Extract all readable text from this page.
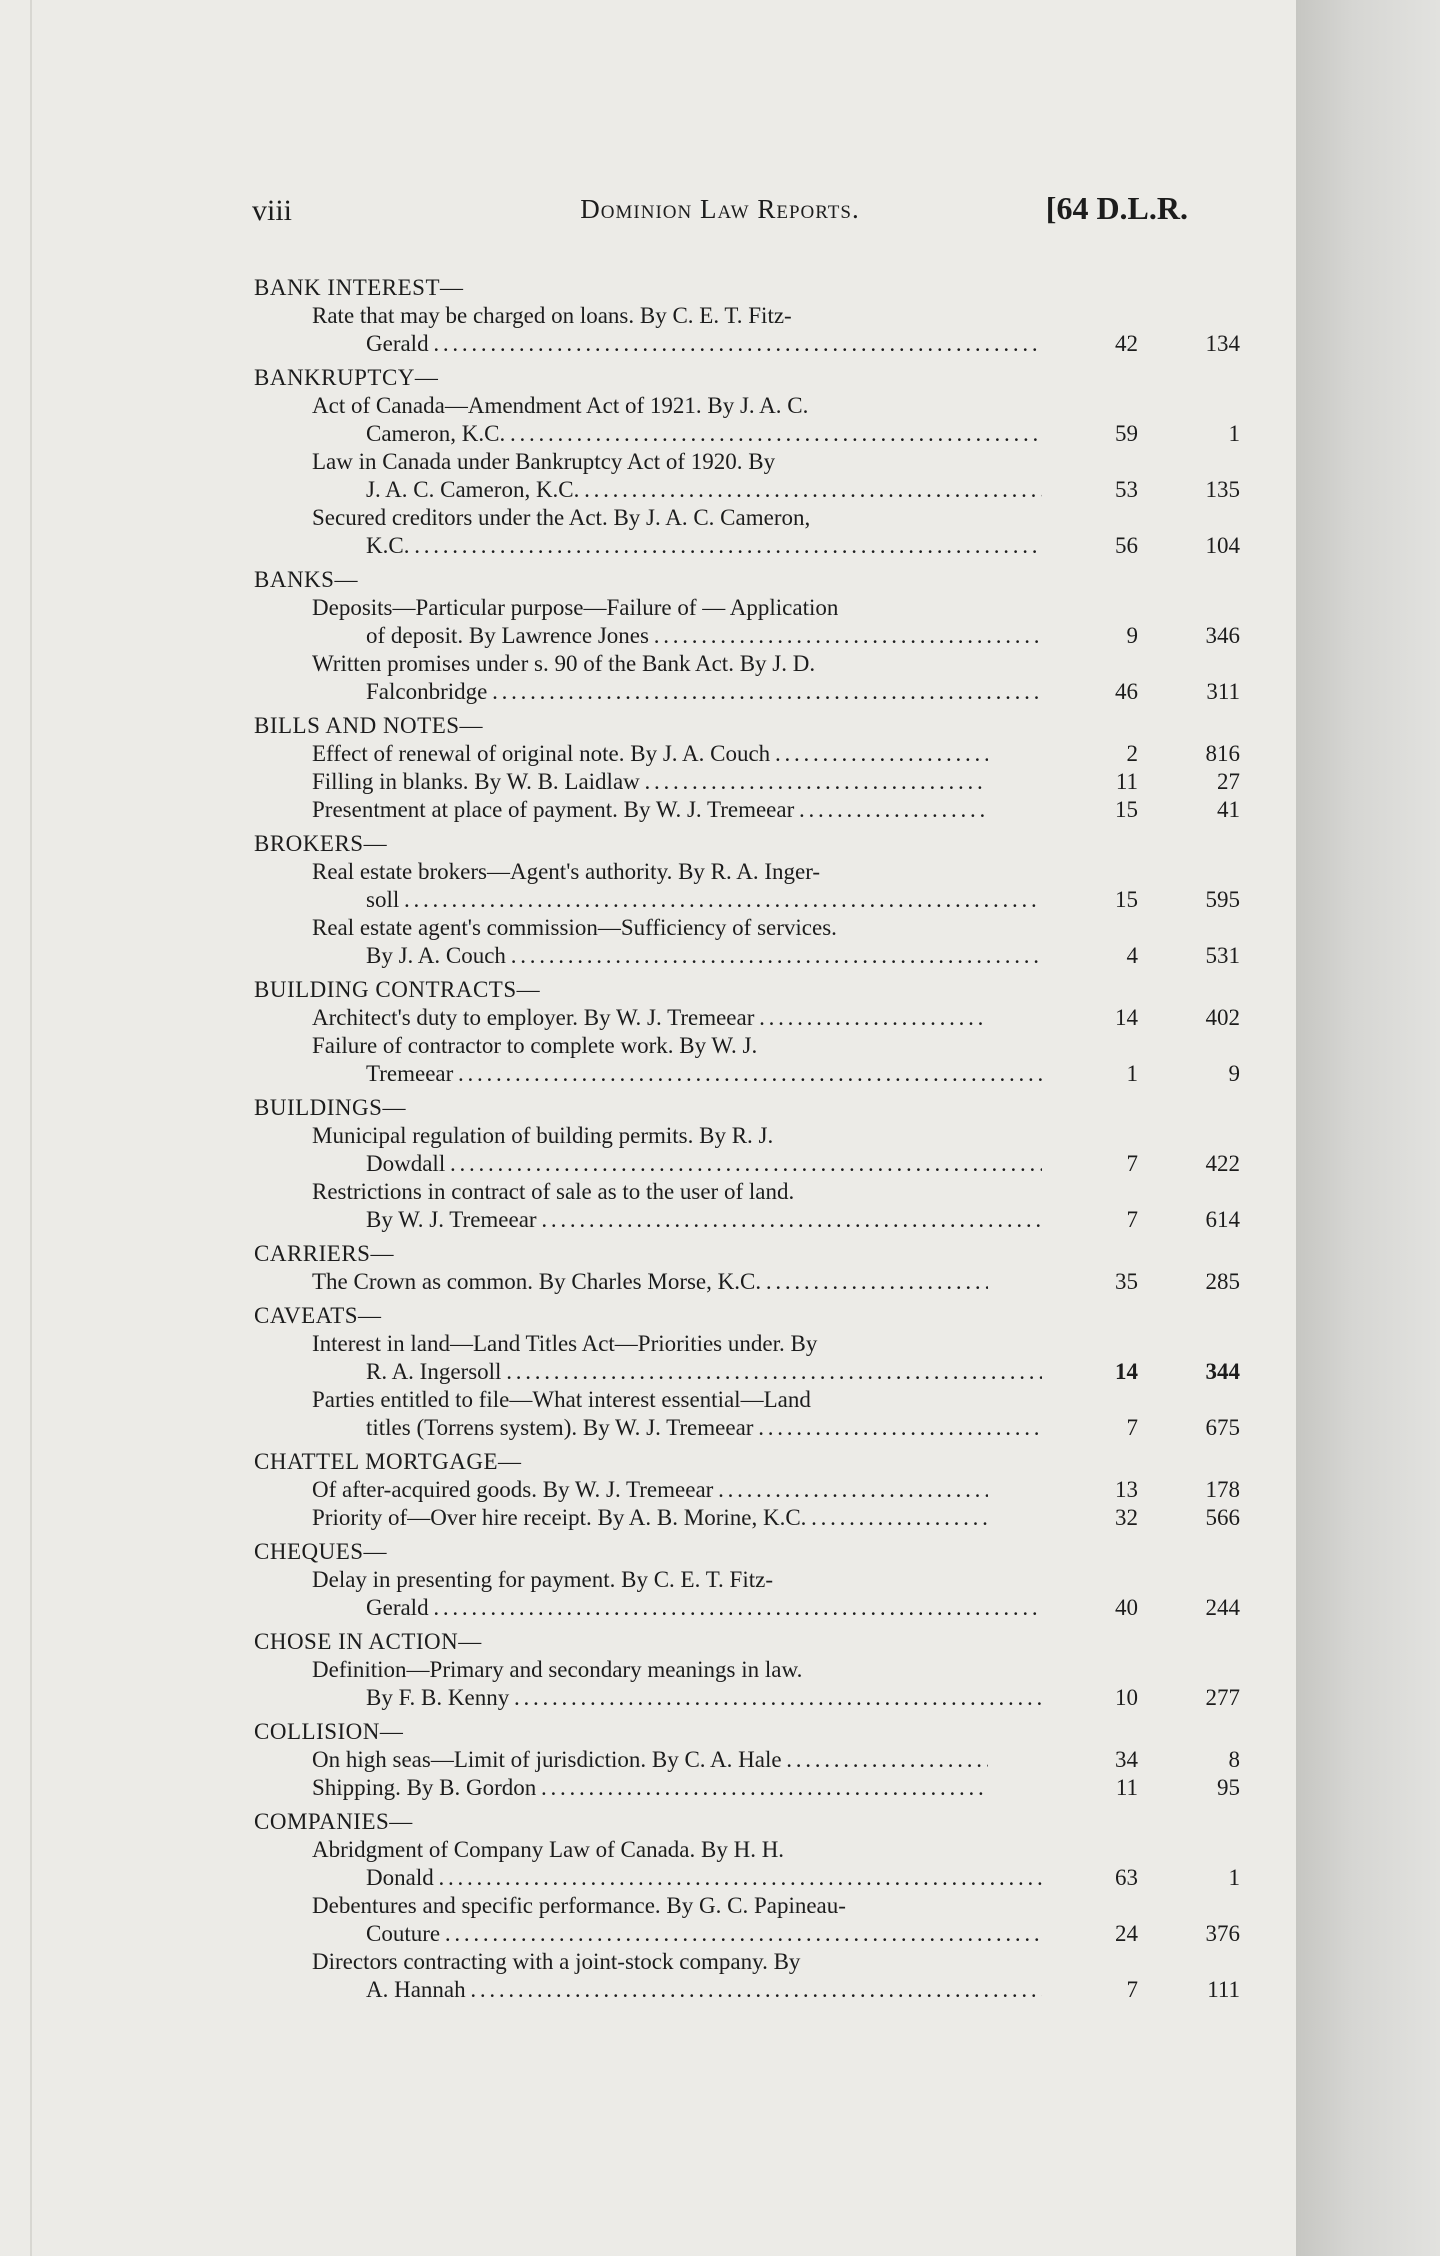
viii	Dominion Law Reports.	[64 D.L.R.
BANK INTEREST—
Rate that may be charged on loans. By C. E. T. Fitz-
Gerald . . .	42	134
BANKRUPTCY—
Act of Canada—Amendment Act of 1921. By J. A. C.
Cameron, K.C. . . .	59	1
Law in Canada under Bankruptcy Act of 1920. By
J. A. C. Cameron, K.C. . . .	53	135
Secured creditors under the Act. By J. A. C. Cameron,
K.C. . . .	56	104
BANKS—
Deposits—Particular purpose—Failure of — Application
of deposit. By Lawrence Jones . . .	9	346
Written promises under s. 90 of the Bank Act. By J. D.
Falconbridge . . .	46	311
BILLS AND NOTES—
Effect of renewal of original note. By J. A. Couch . . .	2	816
Filling in blanks. By W. B. Laidlaw . . .	11	27
Presentment at place of payment. By W. J. Tremeear . . .	15	41
BROKERS—
Real estate brokers—Agent's authority. By R. A. Inger-
soll . . .	15	595
Real estate agent's commission—Sufficiency of services.
By J. A. Couch . . .	4	531
BUILDING CONTRACTS—
Architect's duty to employer. By W. J. Tremeear . . .	14	402
Failure of contractor to complete work. By W. J.
Tremeear . . .	1	9
BUILDINGS—
Municipal regulation of building permits. By R. J.
Dowdall . . .	7	422
Restrictions in contract of sale as to the user of land.
By W. J. Tremeear . . .	7	614
CARRIERS—
The Crown as common. By Charles Morse, K.C. . . .	35	285
CAVEATS—
Interest in land—Land Titles Act—Priorities under. By
R. A. Ingersoll . . .	14	344
Parties entitled to file—What interest essential—Land
titles (Torrens system). By W. J. Tremeear . . .	7	675
CHATTEL MORTGAGE—
Of after-acquired goods. By W. J. Tremeear . . .	13	178
Priority of—Over hire receipt. By A. B. Morine, K.C. . . .	32	566
CHEQUES—
Delay in presenting for payment. By C. E. T. Fitz-
Gerald . . .	40	244
CHOSE IN ACTION—
Definition—Primary and secondary meanings in law.
By F. B. Kenny . . .	10	277
COLLISION—
On high seas—Limit of jurisdiction. By C. A. Hale . . .	34	8
Shipping. By B. Gordon . . .	11	95
COMPANIES—
Abridgment of Company Law of Canada. By H. H.
Donald . . .	63	1
Debentures and specific performance. By G. C. Papineau-
Couture . . .	24	376
Directors contracting with a joint-stock company. By
A. Hannah . . .	7	111
